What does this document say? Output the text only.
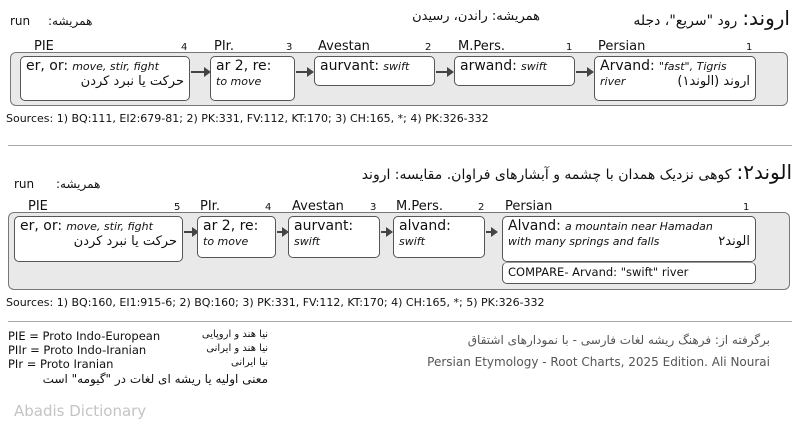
اروند: رود "سریع"، دجله
همریشه: راندن، رسیدن
run همریشه:
PIE	4 PIr.	3 Avestan	2 M.Pers.	1 Persian	1
er, or: move, stir, fight
حرکت یا نبرد کردن
ar 2, re:
to move
aurvant: swift	arwand: swift	Arvand: "fast", Tigris
river	اروند (الوند۱)
Sources: 1) BQ:111, EI2:679-81; 2) PK:331, FV:112, KT:170; 3) CH:165, *; 4) PK:326-332
الوند۲: کوهی نزدیک همدان با چشمه و آبشارهای فراوان. مقایسه: اروند
run همریشه:
PIE	5 PIr.	4 Avestan	3 M.Pers.	2 Persian	1
er, or: move, stir, fight
حرکت یا نبرد کردن
ar 2, re:
to move
aurvant:
swift
alvand:
swift
Alvand: a mountain near Hamadan
with many springs and falls	الوند۲
COMPARE- Arvand: "swift" river
Sources: 1) BQ:160, EI1:915-6; 2) BQ:160; 3) PK:331, FV:112, KT:170; 4) CH:165, *; 5) PK:326-332
PIE = Proto Indo-European	نیا هند و اروپایی
PIIr = Proto Indo-Iranian	نیا هند و ایرانی
PIr = Proto Iranian	نیا ایرانی
معنی اولیه یا ریشه ای لغات در "گیومه" است
برگرفته از: فرهنگ ریشه لغات فارسی - با نمودارهای اشتقاق
Persian Etymology - Root Charts, 2025 Edition. Ali Nourai
Abadis Dictionary
